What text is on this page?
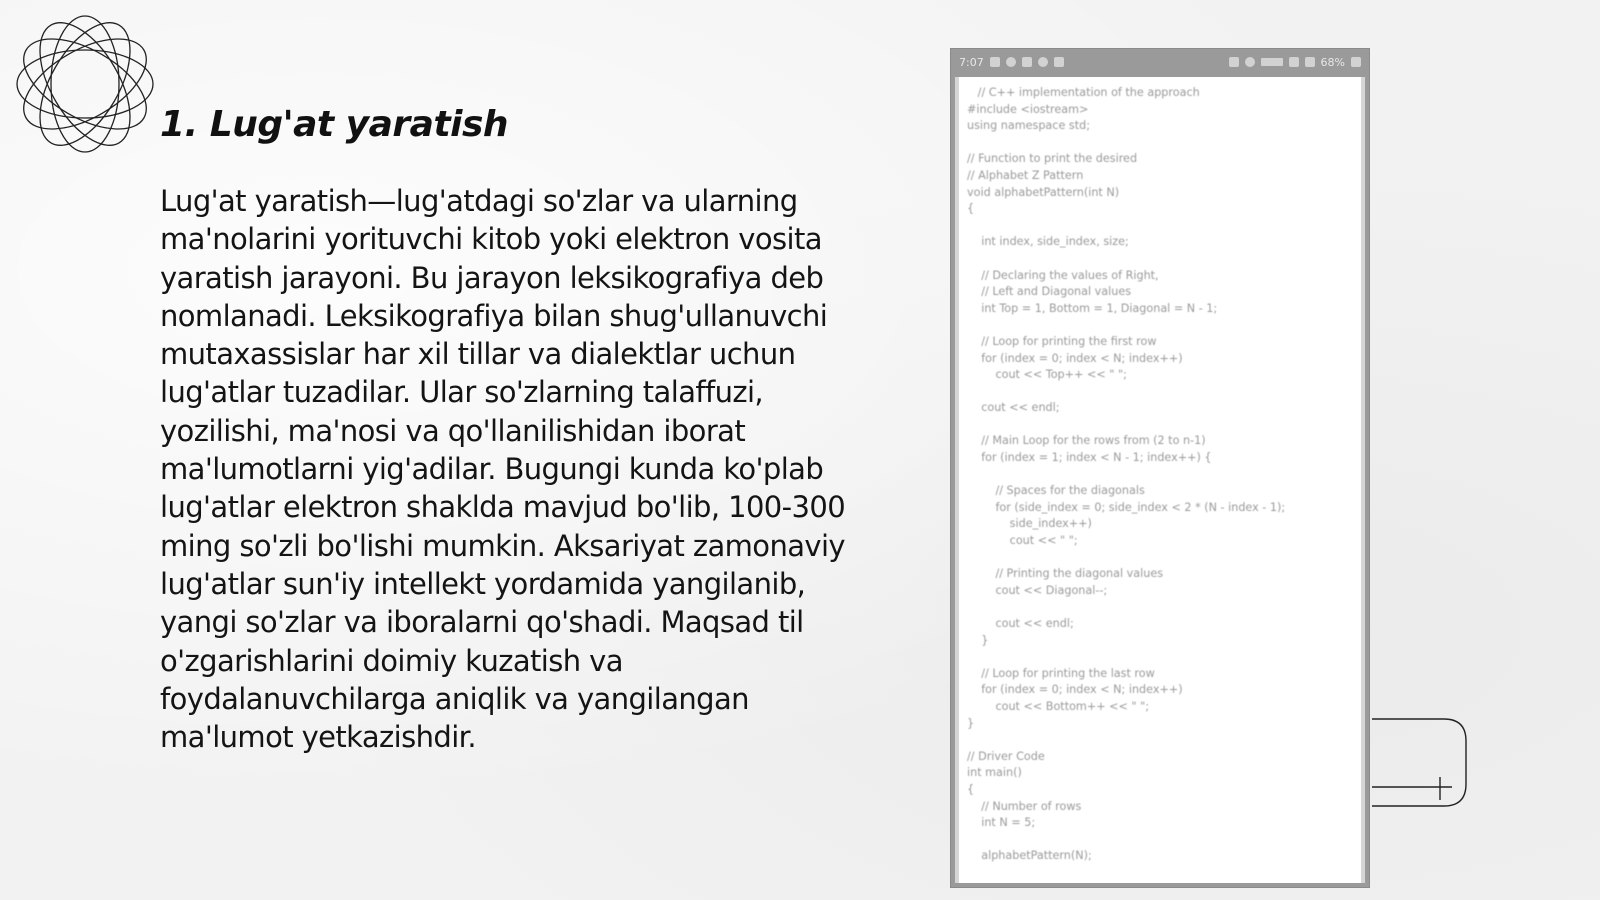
1. Lug'at yaratish

Lug'at yaratish—lug'atdagi so'zlar va ularning ma'nolarini yorituvchi kitob yoki elektron vosita yaratish jarayoni. Bu jarayon leksikografiya deb nomlanadi. Leksikografiya bilan shug'ullanuvchi mutaxassislar har xil tillar va dialektlar uchun lug'atlar tuzadilar. Ular so'zlarning talaffuzi, yozilishi, ma'nosi va qo'llanilishidan iborat ma'lumotlarni yig'adilar. Bugungi kunda ko'plab lug'atlar elektron shaklda mavjud bo'lib, 100-300 ming so'zli bo'lishi mumkin. Aksariyat zamonaviy lug'atlar sun'iy intellekt yordamida yangilanib, yangi so'zlar va iboralarni qo'shadi. Maqsad til o'zgarishlarini doimiy kuzatish va foydalanuvchilarga aniqlik va yangilangan ma'lumot yetkazishdir.

7:07	68%
// C++ implementation of the approach
#include <iostream>
using namespace std;

// Function to print the desired
// Alphabet Z Pattern
void alphabetPattern(int N)
{

int index, side_index, size;

// Declaring the values of Right,
// Left and Diagonal values
int Top = 1, Bottom = 1, Diagonal = N - 1;

// Loop for printing the first row
for (index = 0; index < N; index++)
cout << Top++ << " ";

cout << endl;

// Main Loop for the rows from (2 to n-1)
for (index = 1; index < N - 1; index++) {

// Spaces for the diagonals
for (side_index = 0; side_index < 2 * (N - index - 1);
side_index++)
cout << " ";

// Printing the diagonal values
cout << Diagonal--;

cout << endl;
}

// Loop for printing the last row
for (index = 0; index < N; index++)
cout << Bottom++ << " ";
}

// Driver Code
int main()
{
// Number of rows
int N = 5;

alphabetPattern(N);
